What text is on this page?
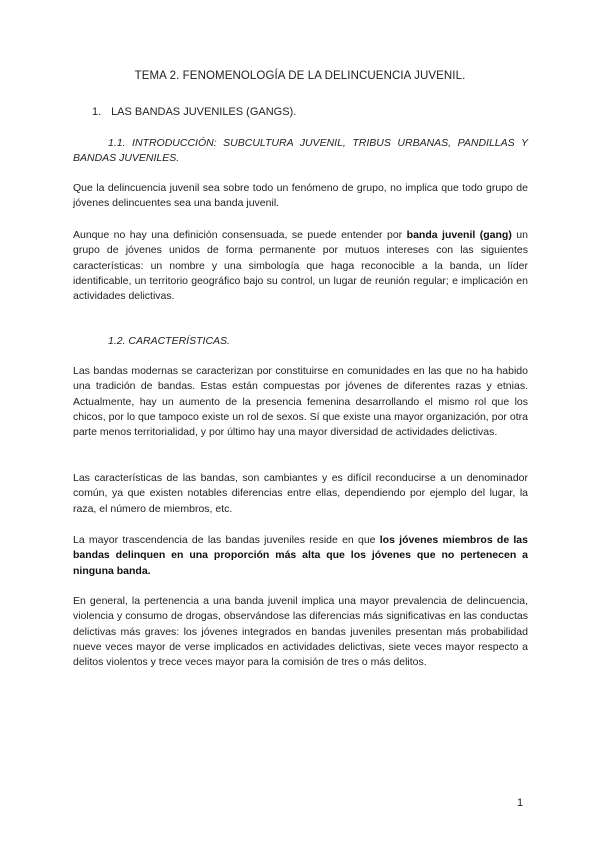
TEMA 2. FENOMENOLOGÍA DE LA DELINCUENCIA JUVENIL.
1. LAS BANDAS JUVENILES (GANGS).
1.1. INTRODUCCIÓN: SUBCULTURA JUVENIL, TRIBUS URBANAS, PANDILLAS Y BANDAS JUVENILES.

Que la delincuencia juvenil sea sobre todo un fenómeno de grupo, no implica que todo grupo de jóvenes delincuentes sea una banda juvenil.

Aunque no hay una definición consensuada, se puede entender por banda juvenil (gang) un grupo de jóvenes unidos de forma permanente por mutuos intereses con las siguientes características: un nombre y una simbología que haga reconocible a la banda, un líder identificable, un territorio geográfico bajo su control, un lugar de reunión regular; e implicación en actividades delictivas.

1.2. CARACTERÍSTICAS.

Las bandas modernas se caracterizan por constituirse en comunidades en las que no ha habido una tradición de bandas. Estas están compuestas por jóvenes de diferentes razas y etnias. Actualmente, hay un aumento de la presencia femenina desarrollando el mismo rol que los chicos, por lo que tampoco existe un rol de sexos. Sí que existe una mayor organización, por otra parte menos territorialidad, y por último hay una mayor diversidad de actividades delictivas.

Las características de las bandas, son cambiantes y es difícil reconducirse a un denominador común, ya que existen notables diferencias entre ellas, dependiendo por ejemplo del lugar, la raza, el número de miembros, etc.

La mayor trascendencia de las bandas juveniles reside en que los jóvenes miembros de las bandas delinquen en una proporción más alta que los jóvenes que no pertenecen a ninguna banda.

En general, la pertenencia a una banda juvenil implica una mayor prevalencia de delincuencia, violencia y consumo de drogas, observándose las diferencias más significativas en las conductas delictivas más graves: los jóvenes integrados en bandas juveniles presentan más probabilidad nueve veces mayor de verse implicados en actividades delictivas, siete veces mayor respecto a delitos violentos y trece veces mayor para la comisión de tres o más delitos.

1
